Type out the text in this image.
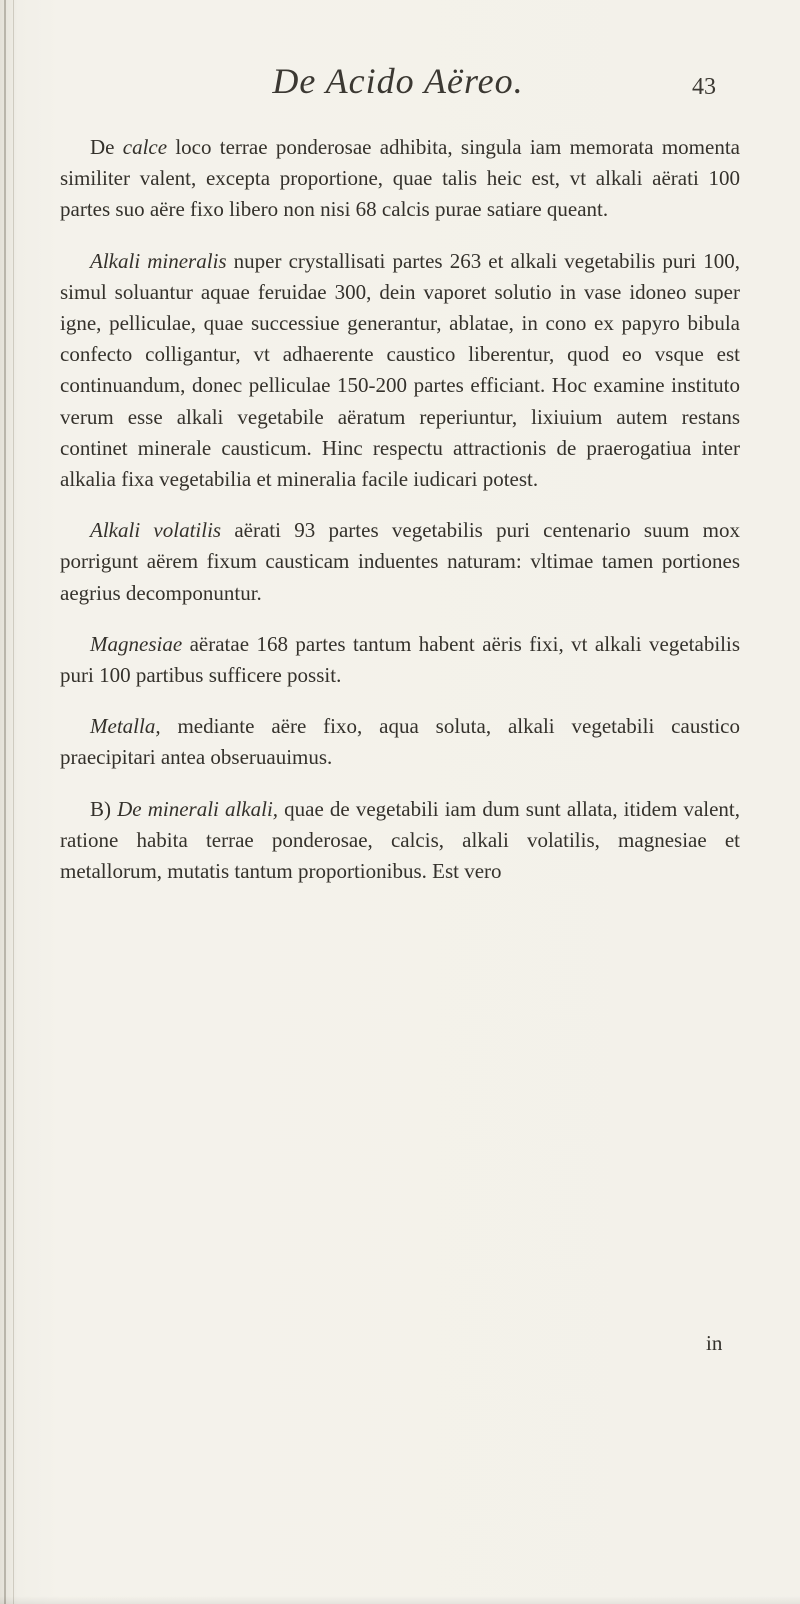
De Acido Aëreo.	43

De calce loco terrae ponderosae adhibita, singula iam memorata momenta similiter valent, excepta proportione, quae talis heic est, vt alkali aërati 100 partes suo aëre fixo libero non nisi 68 calcis purae satiare queant.

Alkali mineralis nuper crystallisati partes 263 et alkali vegetabilis puri 100, simul soluantur aquae feruidae 300, dein vaporet solutio in vase idoneo super igne, pelliculae, quae successiue generantur, ablatae, in cono ex papyro bibula confecto colligantur, vt adhaerente caustico liberentur, quod eo vsque est continuandum, donec pelliculae 150-200 partes efficiant. Hoc examine instituto verum esse alkali vegetabile aëratum reperiuntur, lixiuium autem restans continet minerale causticum. Hinc respectu attractionis de praerogatiua inter alkalia fixa vegetabilia et mineralia facile iudicari potest.

Alkali volatilis aërati 93 partes vegetabilis puri centenario suum mox porrigunt aërem fixum causticam induentes naturam: vltimae tamen portiones aegrius decomponuntur.

Magnesiae aëratae 168 partes tantum habent aëris fixi, vt alkali vegetabilis puri 100 partibus sufficere possit.

Metalla, mediante aëre fixo, aqua soluta, alkali vegetabili caustico praecipitari antea obseruauimus.

B) De minerali alkali, quae de vegetabili iam dum sunt allata, itidem valent, ratione habita terrae ponderosae, calcis, alkali volatilis, magnesiae et metallorum, mutatis tantum proportionibus. Est vero

in
